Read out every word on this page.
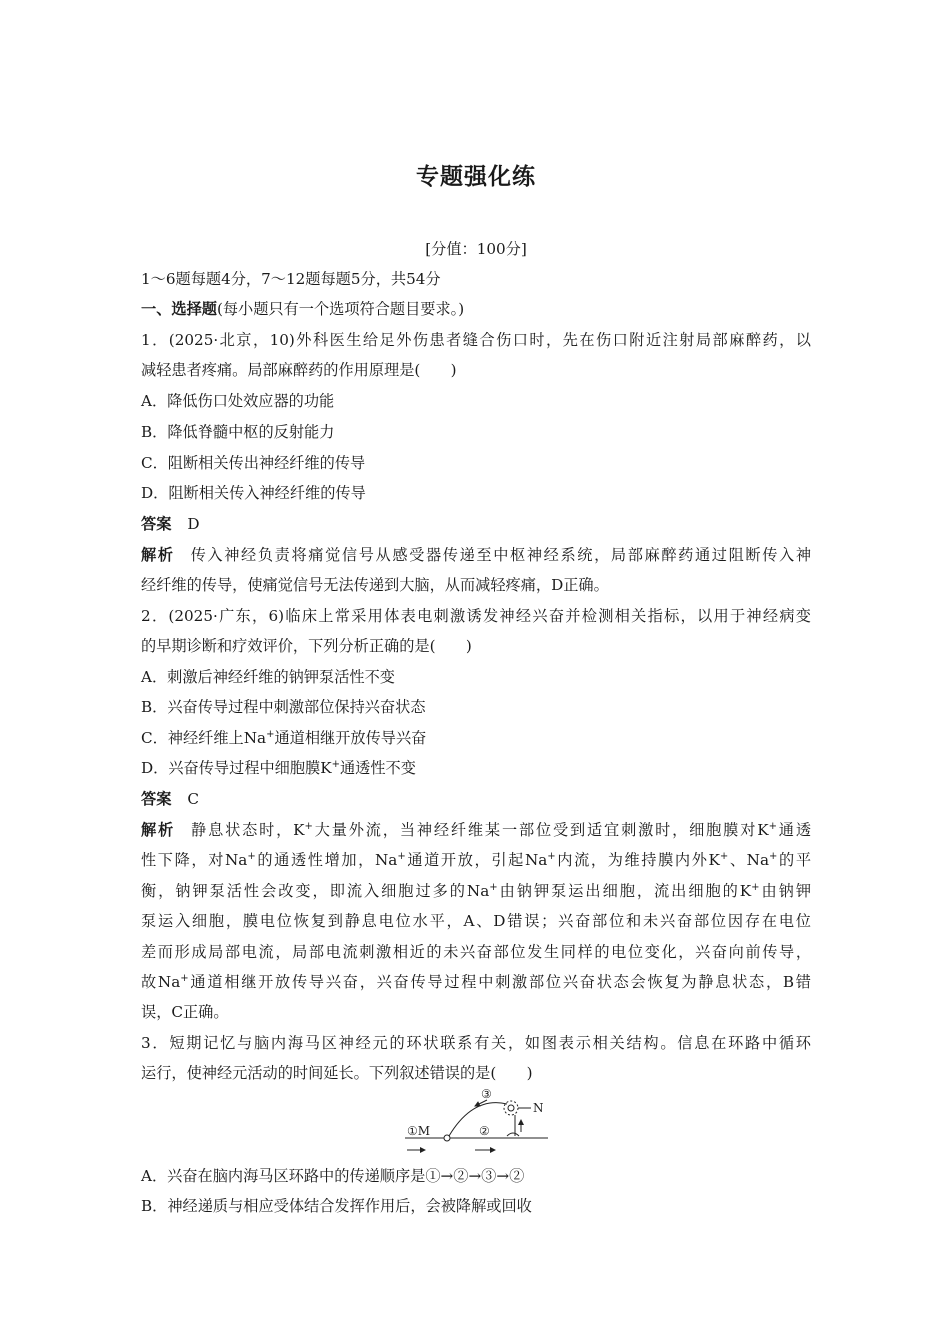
专题强化练
[分值：100分]
1～6题每题4分，7～12题每题5分，共54分
一、选择题(每小题只有一个选项符合题目要求。)
1．(2025·北京，10)外科医生给足外伤患者缝合伤口时，先在伤口附近注射局部麻醉药，以
减轻患者疼痛。局部麻醉药的作用原理是(　　)
A．降低伤口处效应器的功能
B．降低脊髓中枢的反射能力
C．阻断相关传出神经纤维的传导
D．阻断相关传入神经纤维的传导
答案 D
解析 传入神经负责将痛觉信号从感受器传递至中枢神经系统，局部麻醉药通过阻断传入神
经纤维的传导，使痛觉信号无法传递到大脑，从而减轻疼痛，D正确。
2．(2025·广东，6)临床上常采用体表电刺激诱发神经兴奋并检测相关指标，以用于神经病变
的早期诊断和疗效评价，下列分析正确的是(　　)
A．刺激后神经纤维的钠钾泵活性不变
B．兴奋传导过程中刺激部位保持兴奋状态
C．神经纤维上Na+通道相继开放传导兴奋
D．兴奋传导过程中细胞膜K+通透性不变
答案 C
解析 静息状态时，K+大量外流，当神经纤维某一部位受到适宜刺激时，细胞膜对K+通透
性下降，对Na+的通透性增加，Na+通道开放，引起Na+内流，为维持膜内外K+、Na+的平
衡，钠钾泵活性会改变，即流入细胞过多的Na+由钠钾泵运出细胞，流出细胞的K+由钠钾
泵运入细胞，膜电位恢复到静息电位水平，A、D错误；兴奋部位和未兴奋部位因存在电位
差而形成局部电流，局部电流刺激相近的未兴奋部位发生同样的电位变化，兴奋向前传导，
故Na+通道相继开放传导兴奋，兴奋传导过程中刺激部位兴奋状态会恢复为静息状态，B错
误，C正确。
3．短期记忆与脑内海马区神经元的环状联系有关，如图表示相关结构。信息在环路中循环
运行，使神经元活动的时间延长。下列叙述错误的是(　　)
①M	②
③
N
A．兴奋在脑内海马区环路中的传递顺序是①→②→③→②
B．神经递质与相应受体结合发挥作用后，会被降解或回收
